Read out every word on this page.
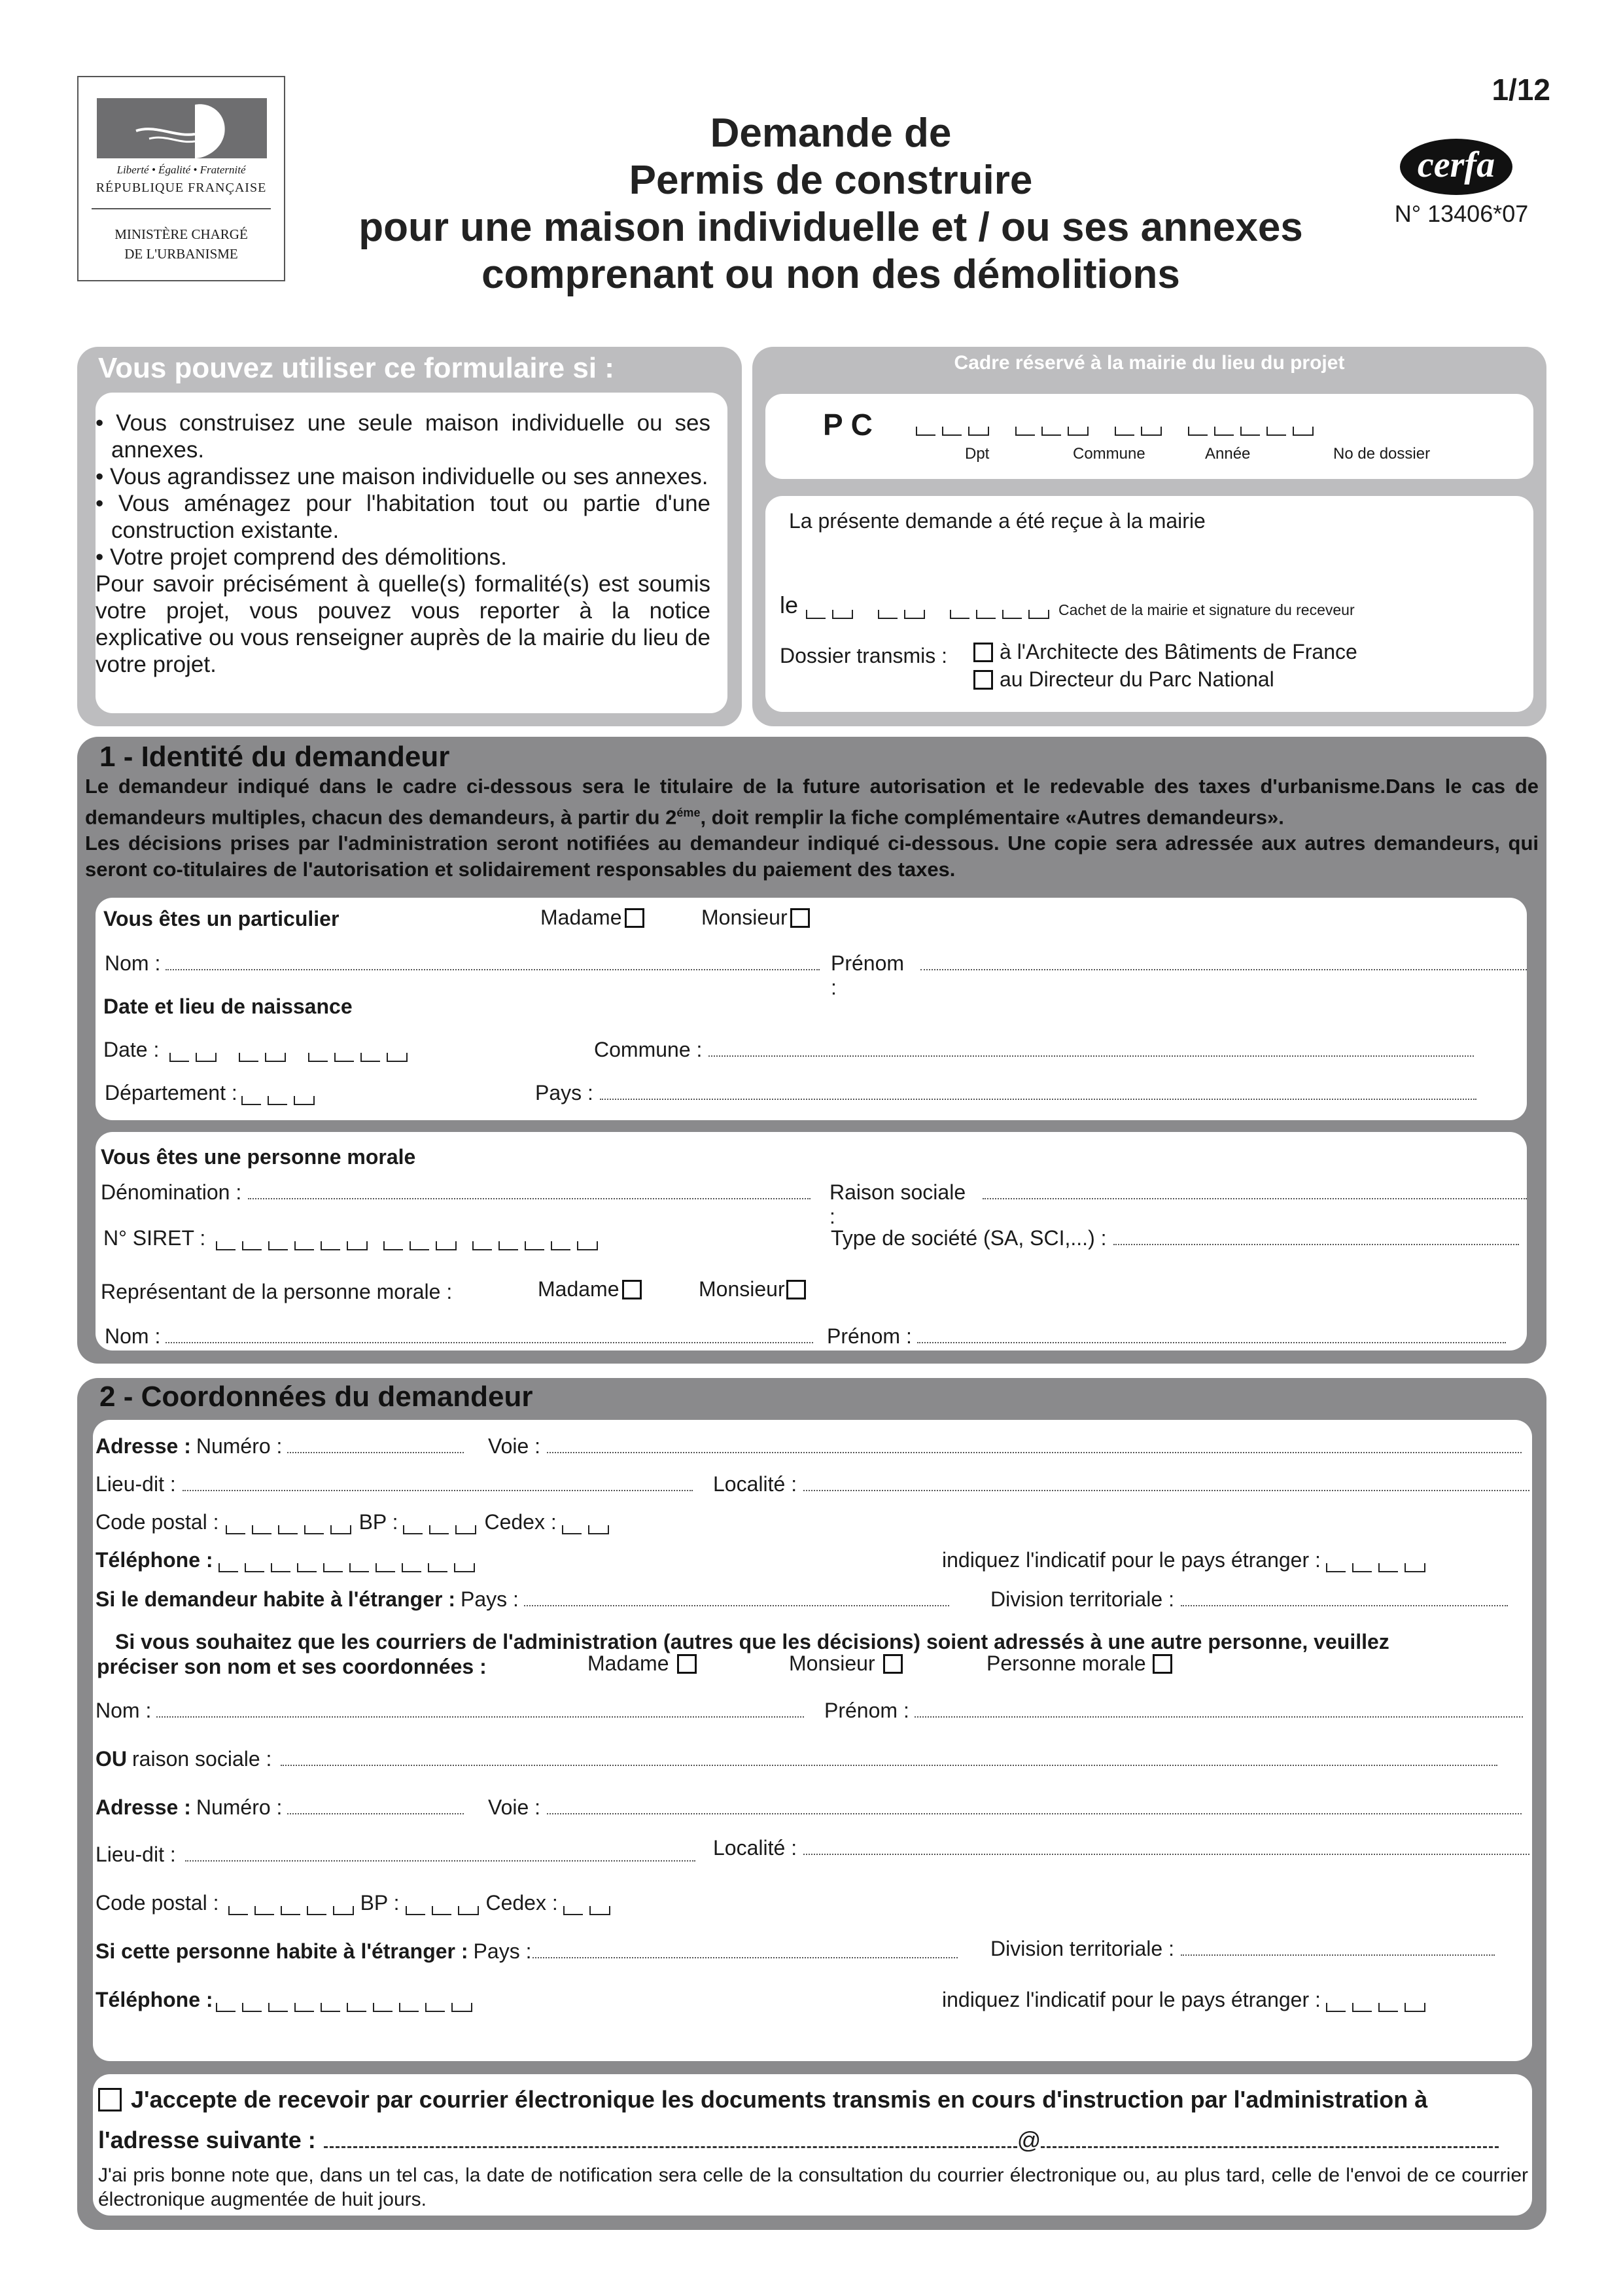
Liberté • Égalité • Fraternité
RÉPUBLIQUE FRANÇAISE
MINISTÈRE CHARGÉ
DE L'URBANISME
Demande de
Permis de construire
pour une maison individuelle et / ou ses annexes
comprenant ou non des démolitions
1/12
cerfa
N° 13406*07
Vous pouvez utiliser ce formulaire si :
• Vous construisez une seule maison individuelle ou ses annexes.
• Vous agrandissez une maison individuelle ou ses annexes.
• Vous aménagez pour l'habitation tout ou partie d'une construction existante.
• Votre projet comprend des démolitions.
Pour savoir précisément à quelle(s) formalité(s) est soumis votre projet, vous pouvez vous reporter à la notice explicative ou vous renseigner auprès de la mairie du lieu de votre projet.
Cadre réservé à la mairie du lieu du projet
P C
Dpt	Commune	Année	No de dossier
La présente demande a été reçue à la mairie
le	Cachet de la mairie et signature du receveur
Dossier transmis : à l'Architecte des Bâtiments de France
au Directeur du Parc National
1 - Identité du demandeur
Le demandeur indiqué dans le cadre ci-dessous sera le titulaire de la future autorisation et le redevable des taxes d'urbanisme.Dans le cas de demandeurs multiples, chacun des demandeurs, à partir du $2^{éme}$, doit remplir la fiche complémentaire «Autres demandeurs».
Les décisions prises par l'administration seront notifiées au demandeur indiqué ci-dessous. Une copie sera adressée aux autres demandeurs, qui seront co-titulaires de l'autorisation et solidairement responsables du paiement des taxes.
Vous êtes un particulier	Madame	Monsieur
Nom :	Prénom :
Date et lieu de naissance
Date :	Commune :
Département :	Pays :
Vous êtes une personne morale
Dénomination :	Raison sociale :
N° SIRET :	Type de société (SA, SCI,...) :
Représentant de la personne morale :	Madame	Monsieur
Nom :	Prénom :
2 - Coordonnées du demandeur
Adresse : Numéro :	Voie :
Lieu-dit :	Localité :
Code postal :	BP :	Cedex :
Téléphone :	indiquez l'indicatif pour le pays étranger :
Si le demandeur habite à l'étranger : Pays :	Division territoriale :
Si vous souhaitez que les courriers de l'administration (autres que les décisions) soient adressés à une autre personne, veuillez
préciser son nom et ses coordonnées :	Madame	Monsieur	Personne morale
Nom :	Prénom :
OU raison sociale :
Adresse : Numéro :	Voie :
Lieu-dit :	Localité :
Code postal :	BP :	Cedex :
Si cette personne habite à l'étranger : Pays :	Division territoriale :
Téléphone :	indiquez l'indicatif pour le pays étranger :
J'accepte de recevoir par courrier électronique les documents transmis en cours d'instruction par l'administration à
l'adresse suivante :	@
J'ai pris bonne note que, dans un tel cas, la date de notification sera celle de la consultation du courrier électronique ou, au plus tard, celle de l'envoi de ce courrier électronique augmentée de huit jours.
